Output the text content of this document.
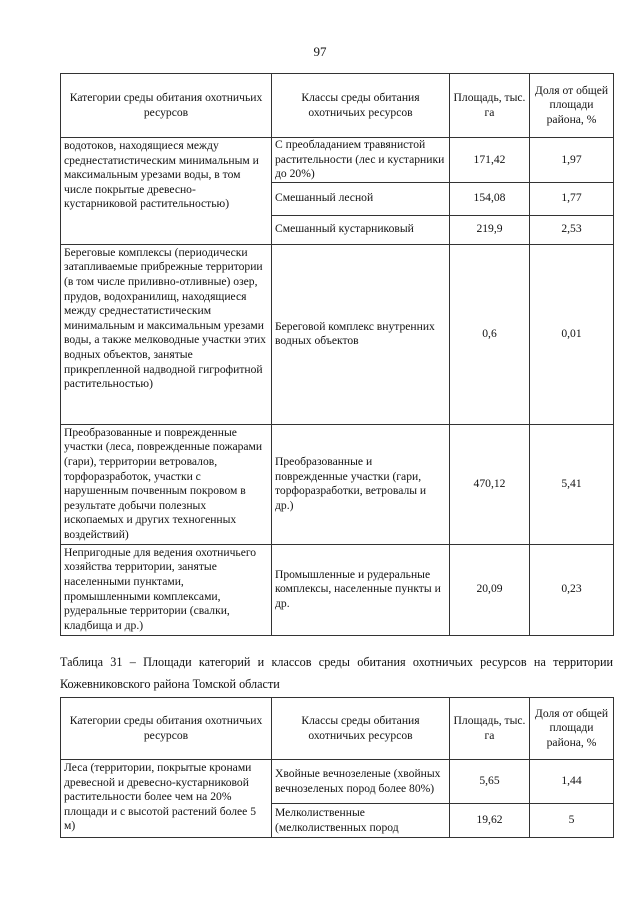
97
Категории среды обитания охотничьих ресурсов	Классы среды обитания охотничьих ресурсов	Площадь, тыс. га	Доля от общей площади района, %
водотоков, находящиеся между среднестатистическим минимальным и максимальным урезами воды, в том числе покрытые древесно-кустарниковой растительностью)	С преобладанием травянистой растительности (лес и кустарники до 20%)	171,42	1,97
	Смешанный лесной	154,08	1,77
	Смешанный кустарниковый	219,9	2,53
Береговые комплексы (периодически затапливаемые прибрежные территории (в том числе приливно-отливные) озер, прудов, водохранилищ, находящиеся между среднестатистическим минимальным и максимальным урезами воды, а также мелководные участки этих водных объектов, занятые прикрепленной надводной гигрофитной растительностью)	Береговой комплекс внутренних водных объектов	0,6	0,01
Преобразованные и поврежденные участки (леса, поврежденные пожарами (гари), территории ветровалов, торфоразработок, участки с нарушенным почвенным покровом в результате добычи полезных ископаемых и других техногенных воздействий)	Преобразованные и поврежденные участки (гари, торфоразработки, ветровалы и др.)	470,12	5,41
Непригодные для ведения охотничьего хозяйства территории, занятые населенными пунктами, промышленными комплексами, рудеральные территории (свалки, кладбища и др.)	Промышленные и рудеральные комплексы, населенные пункты и др.	20,09	0,23
Таблица 31 – Площади категорий и классов среды обитания охотничьих ресурсов на территории Кожевниковского района Томской области
Категории среды обитания охотничьих ресурсов	Классы среды обитания охотничьих ресурсов	Площадь, тыс. га	Доля от общей площади района, %
Леса (территории, покрытые кронами древесной и древесно-кустарниковой растительности более чем на 20% площади и с высотой растений более 5 м)	Хвойные вечнозеленые (хвойных вечнозеленых пород более 80%)	5,65	1,44
	Мелколиственные (мелколиственных пород	19,62	5
